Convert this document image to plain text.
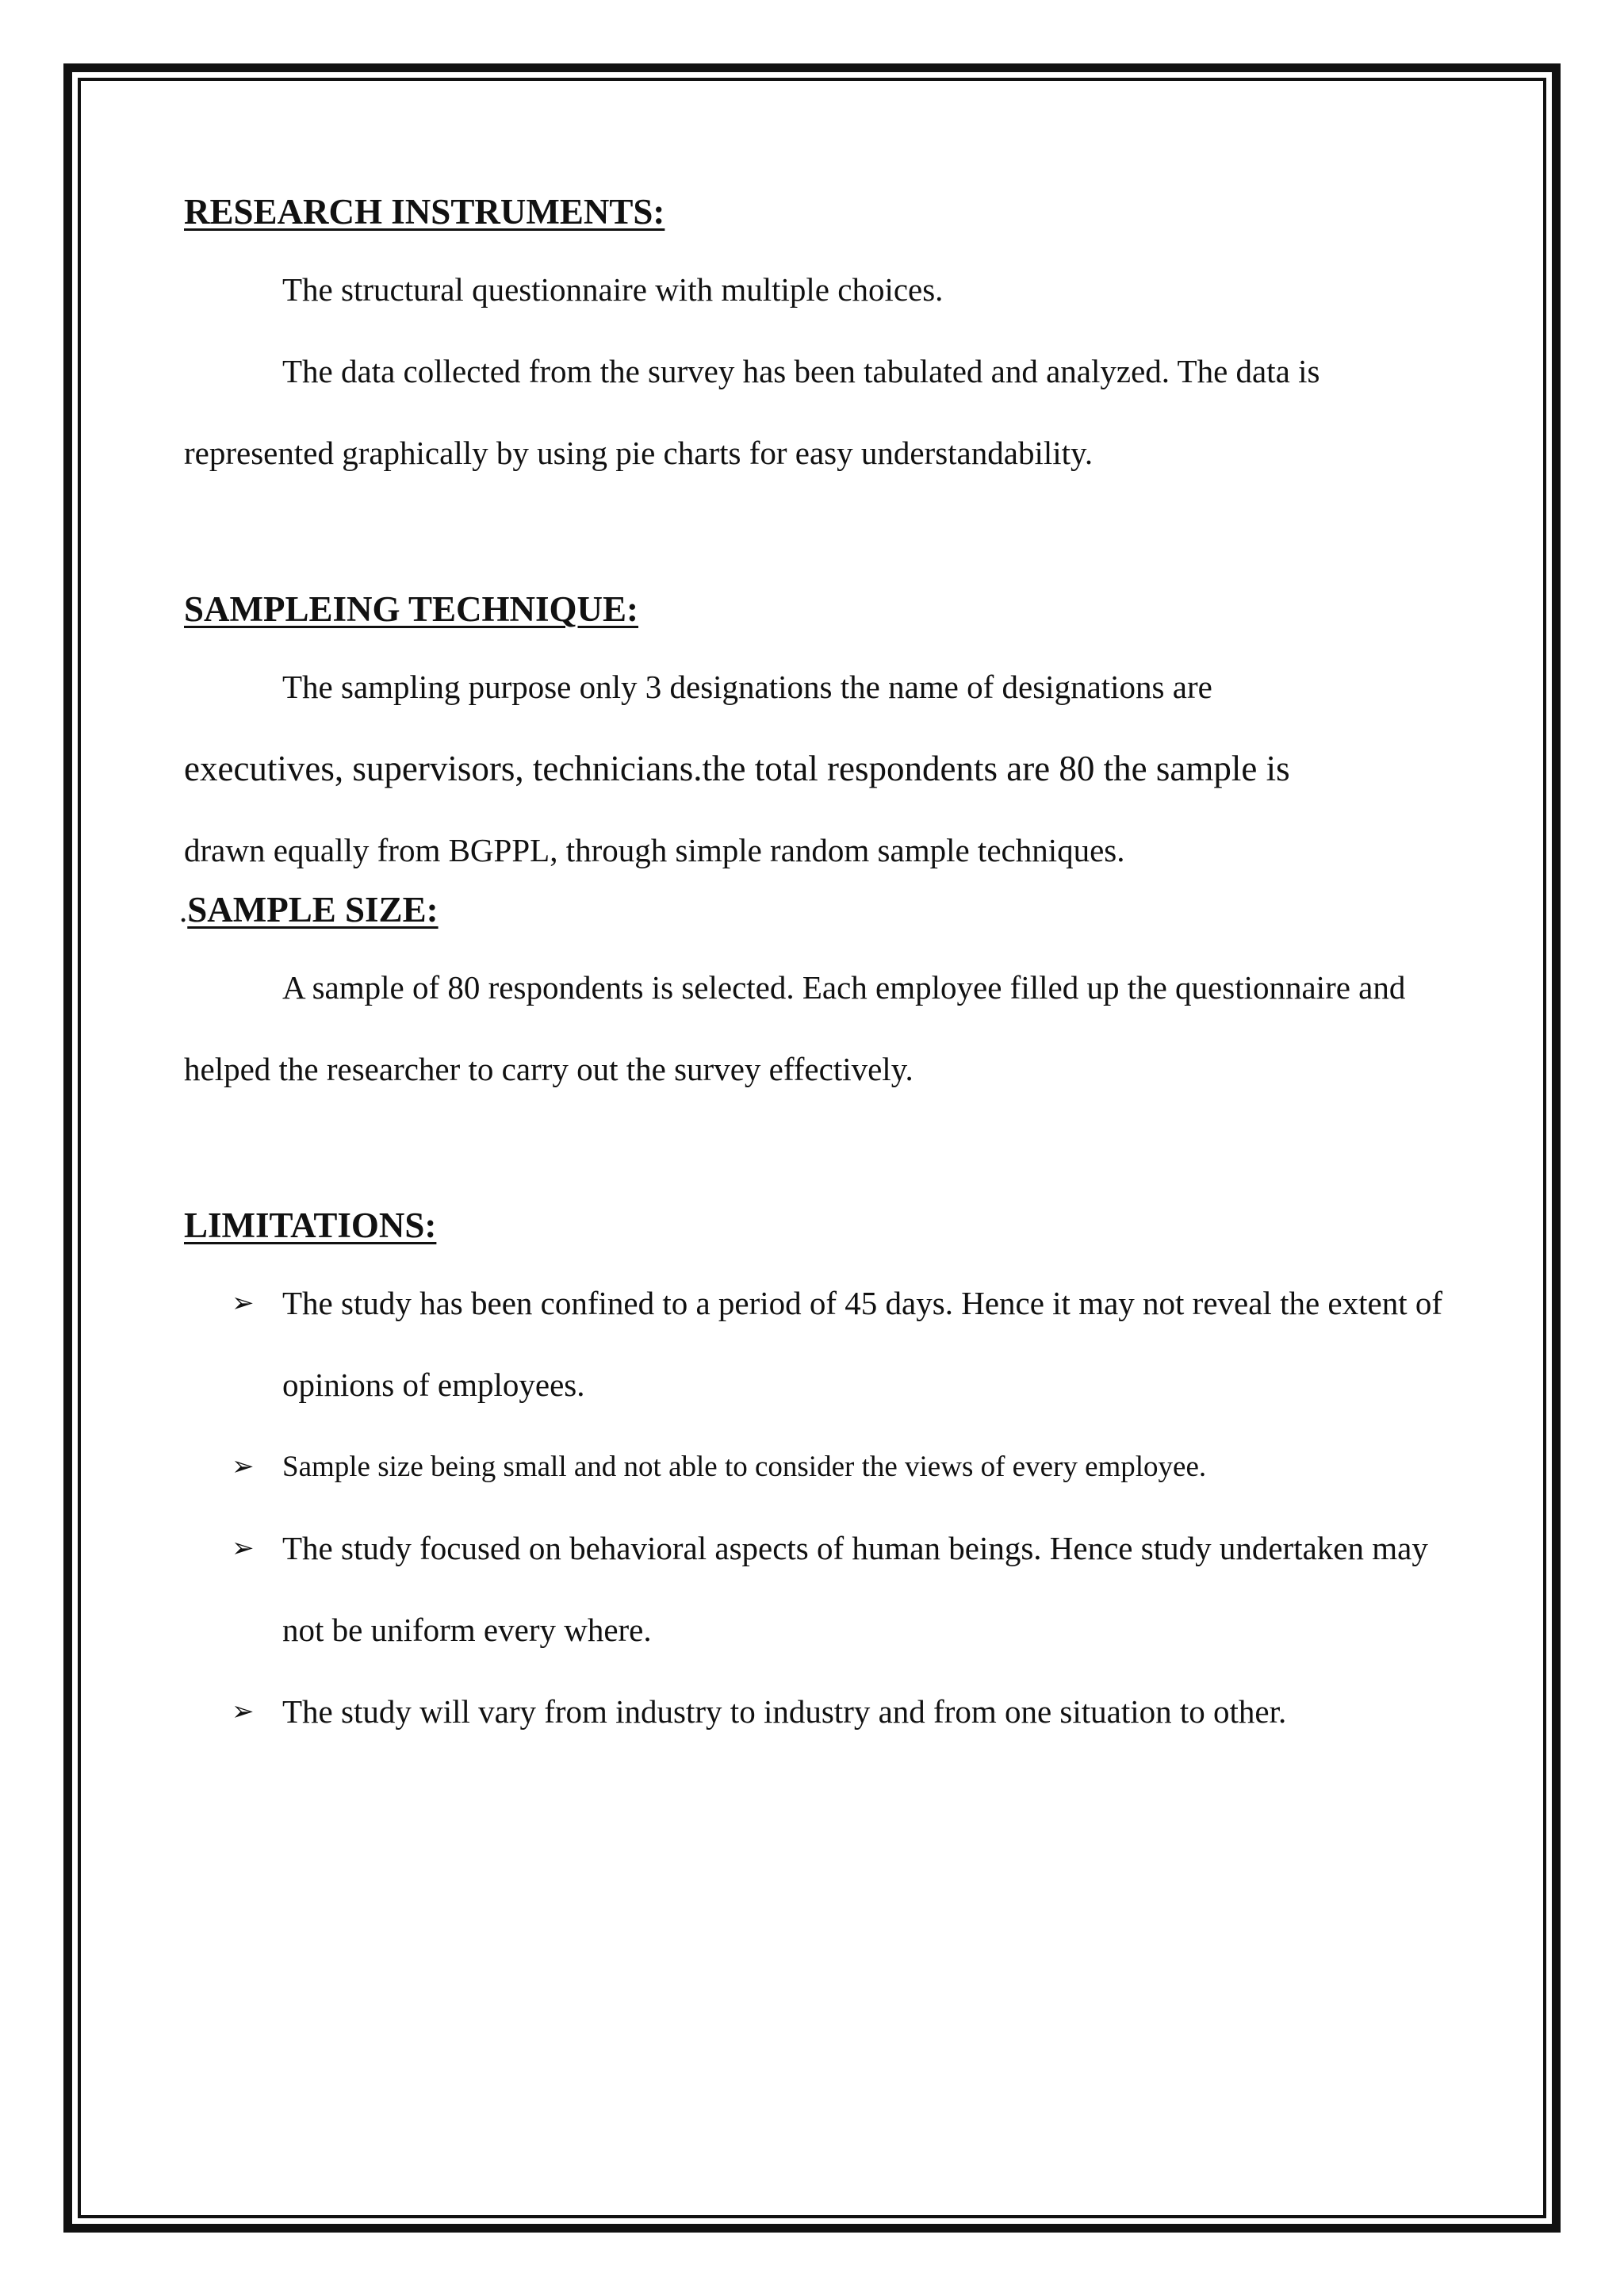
RESEARCH INSTRUMENTS:

The structural questionnaire with multiple choices.

The data collected from the survey has been tabulated and analyzed. The data is represented graphically by using pie charts for easy understandability.

SAMPLEING TECHNIQUE:

The sampling purpose only 3 designations the name of designations are

executives, supervisors, technicians.the total respondents are 80 the sample is

drawn equally from BGPPL, through simple random sample techniques.

.SAMPLE SIZE:

A sample of 80 respondents is selected. Each employee filled up the questionnaire and helped the researcher to carry out the survey effectively.

LIMITATIONS:
➢ The study has been confined to a period of 45 days. Hence it may not reveal the extent of opinions of employees.
➢ Sample size being small and not able to consider the views of every employee.
➢ The study focused on behavioral aspects of human beings. Hence study undertaken may not be uniform every where.
➢ The study will vary from industry to industry and from one situation to other.
